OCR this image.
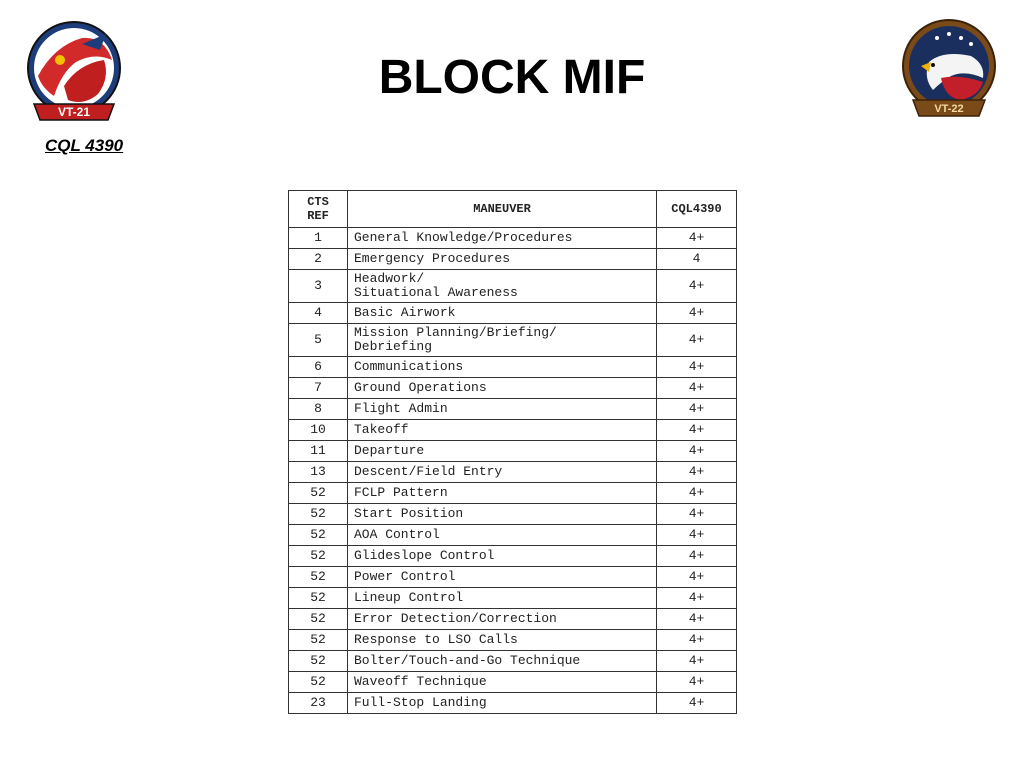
VT-21	VT-22
BLOCK MIF
CQL 4390
CTS
REF	MANEUVER	CQL4390
1	General Knowledge/Procedures	4+
2	Emergency Procedures	4
3	Headwork/
Situational Awareness	4+
4	Basic Airwork	4+
5	Mission Planning/Briefing/
Debriefing	4+
6	Communications	4+
7	Ground Operations	4+
8	Flight Admin	4+
10	Takeoff	4+
11	Departure	4+
13	Descent/Field Entry	4+
52	FCLP Pattern	4+
52	Start Position	4+
52	AOA Control	4+
52	Glideslope Control	4+
52	Power Control	4+
52	Lineup Control	4+
52	Error Detection/Correction	4+
52	Response to LSO Calls	4+
52	Bolter/Touch-and-Go Technique	4+
52	Waveoff Technique	4+
23	Full-Stop Landing	4+
